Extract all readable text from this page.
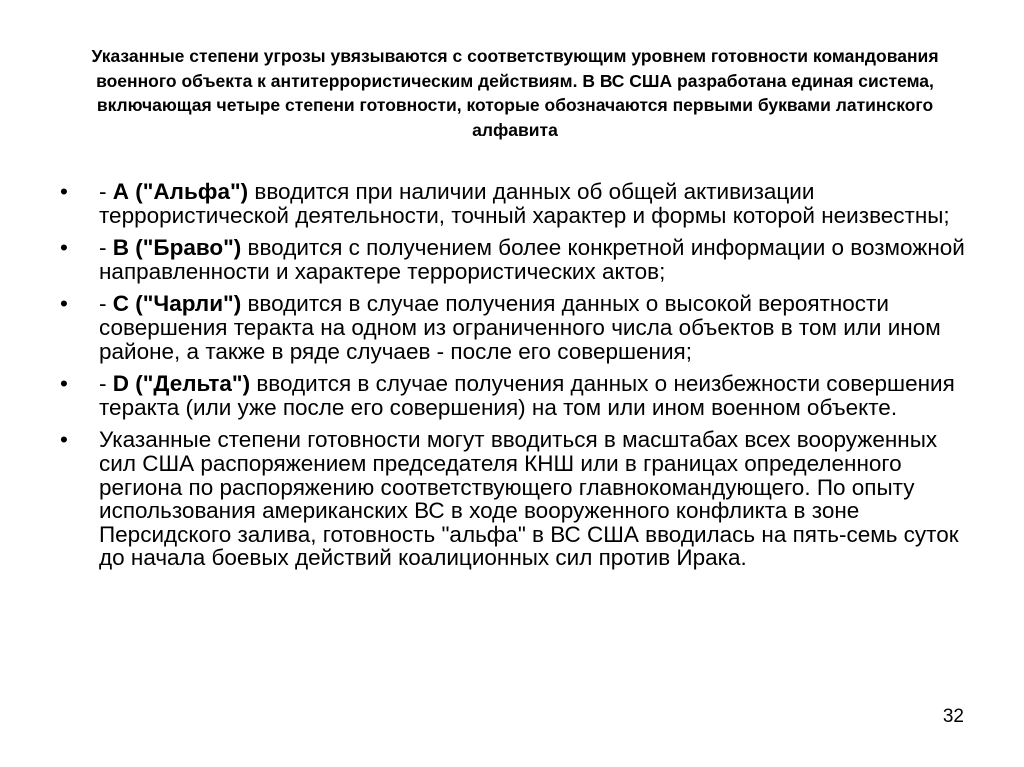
Указанные степени угрозы увязываются с соответствующим уровнем готовности командования военного объекта к антитеррористическим действиям. В ВС США разработана единая система, включающая четыре степени готовности, которые обозначаются первыми буквами латинского алфавита
•	- А ("Альфа") вводится при наличии данных об общей активизации террористической деятельности, точный характер и формы которой неизвестны;
•	- В ("Браво") вводится с получением более конкретной информации о возможной направленности и характере террористических актов;
•	- С ("Чарли") вводится в случае получения данных о высокой вероятности совершения теракта на одном из ограниченного числа объектов в том или ином районе, а также в ряде случаев - после его совершения;
•	- D ("Дельта") вводится в случае получения данных о неизбежности совершения теракта (или уже после его совершения) на том или ином военном объекте.
•	Указанные степени готовности могут вводиться в масштабах всех вооруженных сил США распоряжением председателя КНШ или в границах определенного региона по распоряжению соответствующего главнокомандующего. По опыту использования американских ВС в ходе вооруженного конфликта в зоне Персидского залива, готовность "альфа" в ВС США вводилась на пять-семь суток до начала боевых действий коалиционных сил против Ирака.
32
